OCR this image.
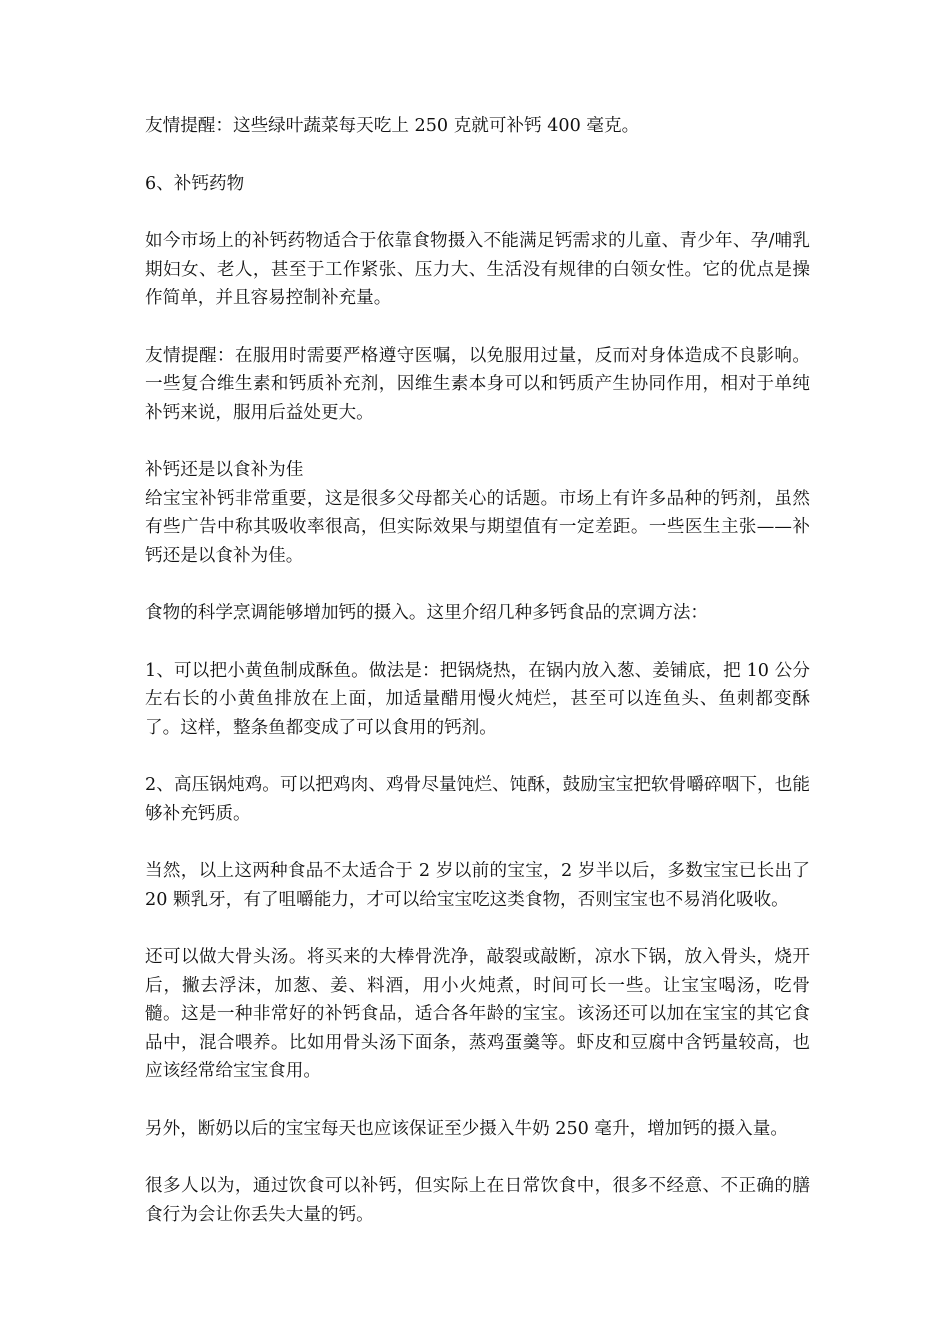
友情提醒：这些绿叶蔬菜每天吃上 250 克就可补钙 400 毫克。

6、补钙药物

如今市场上的补钙药物适合于依靠食物摄入不能满足钙需求的儿童、青少年、孕/哺乳期妇女、老人，甚至于工作紧张、压力大、生活没有规律的白领女性。它的优点是操作简单，并且容易控制补充量。

友情提醒：在服用时需要严格遵守医嘱，以免服用过量，反而对身体造成不良影响。一些复合维生素和钙质补充剂，因维生素本身可以和钙质产生协同作用，相对于单纯补钙来说，服用后益处更大。

补钙还是以食补为佳

给宝宝补钙非常重要，这是很多父母都关心的话题。市场上有许多品种的钙剂，虽然有些广告中称其吸收率很高，但实际效果与期望值有一定差距。一些医生主张——补钙还是以食补为佳。

食物的科学烹调能够增加钙的摄入。这里介绍几种多钙食品的烹调方法：

1、可以把小黄鱼制成酥鱼。做法是：把锅烧热，在锅内放入葱、姜铺底，把 10 公分左右长的小黄鱼排放在上面，加适量醋用慢火炖烂，甚至可以连鱼头、鱼刺都变酥了。这样，整条鱼都变成了可以食用的钙剂。

2、高压锅炖鸡。可以把鸡肉、鸡骨尽量饨烂、饨酥，鼓励宝宝把软骨嚼碎咽下，也能够补充钙质。

当然，以上这两种食品不太适合于 2 岁以前的宝宝，2 岁半以后，多数宝宝已长出了 20 颗乳牙，有了咀嚼能力，才可以给宝宝吃这类食物，否则宝宝也不易消化吸收。

还可以做大骨头汤。将买来的大棒骨洗净，敲裂或敲断，凉水下锅，放入骨头，烧开后，撇去浮沫，加葱、姜、料酒，用小火炖煮，时间可长一些。让宝宝喝汤，吃骨髓。这是一种非常好的补钙食品，适合各年龄的宝宝。该汤还可以加在宝宝的其它食品中，混合喂养。比如用骨头汤下面条，蒸鸡蛋羹等。虾皮和豆腐中含钙量较高，也应该经常给宝宝食用。

另外，断奶以后的宝宝每天也应该保证至少摄入牛奶 250 毫升，增加钙的摄入量。

很多人以为，通过饮食可以补钙，但实际上在日常饮食中，很多不经意、不正确的膳食行为会让你丢失大量的钙。
